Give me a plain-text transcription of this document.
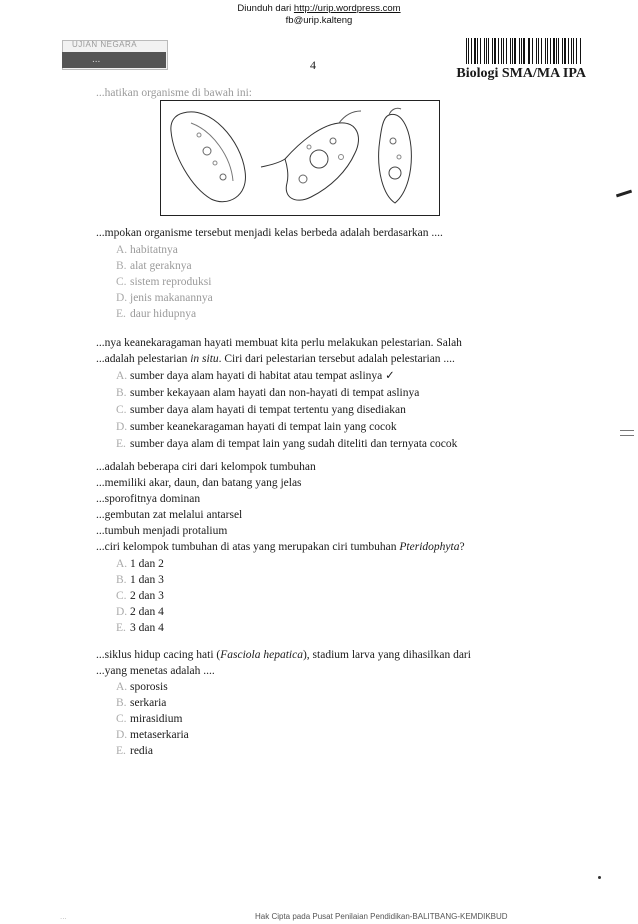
Diunduh dari http://urip.wordpress.com
fb@urip.kalteng
UJIAN NEGARA
...	4
Biologi SMA/MA IPA
...hatikan organisme di bawah ini:
...mpokan organisme tersebut menjadi kelas berbeda adalah berdasarkan ....
A. habitatnya
B. alat geraknya
C. sistem reproduksi
D. jenis makanannya
E. daur hidupnya
...nya keanekaragaman hayati membuat kita perlu melakukan pelestarian. Salah
...adalah pelestarian in situ. Ciri dari pelestarian tersebut adalah pelestarian ....
A. sumber daya alam hayati di habitat atau tempat aslinya ✓
B. sumber kekayaan alam hayati dan non-hayati di tempat aslinya
C. sumber daya alam hayati di tempat tertentu yang disediakan
D. sumber keanekaragaman hayati di tempat lain yang cocok
E. sumber daya alam di tempat lain yang sudah diteliti dan ternyata cocok
...adalah beberapa ciri dari kelompok tumbuhan
...memiliki akar, daun, dan batang yang jelas
...sporofitnya dominan
...gembutan zat melalui antarsel
...tumbuh menjadi protalium
...ciri kelompok tumbuhan di atas yang merupakan ciri tumbuhan Pteridophyta?
A. 1 dan 2
B. 1 dan 3
C. 2 dan 3
D. 2 dan 4
E. 3 dan 4
...siklus hidup cacing hati (Fasciola hepatica), stadium larva yang dihasilkan dari
...yang menetas adalah ....
A. sporosis
B. serkaria
C. mirasidium
D. metaserkaria
E. redia
...	Hak Cipta pada Pusat Penilaian Pendidikan-BALITBANG-KEMDIKBUD
